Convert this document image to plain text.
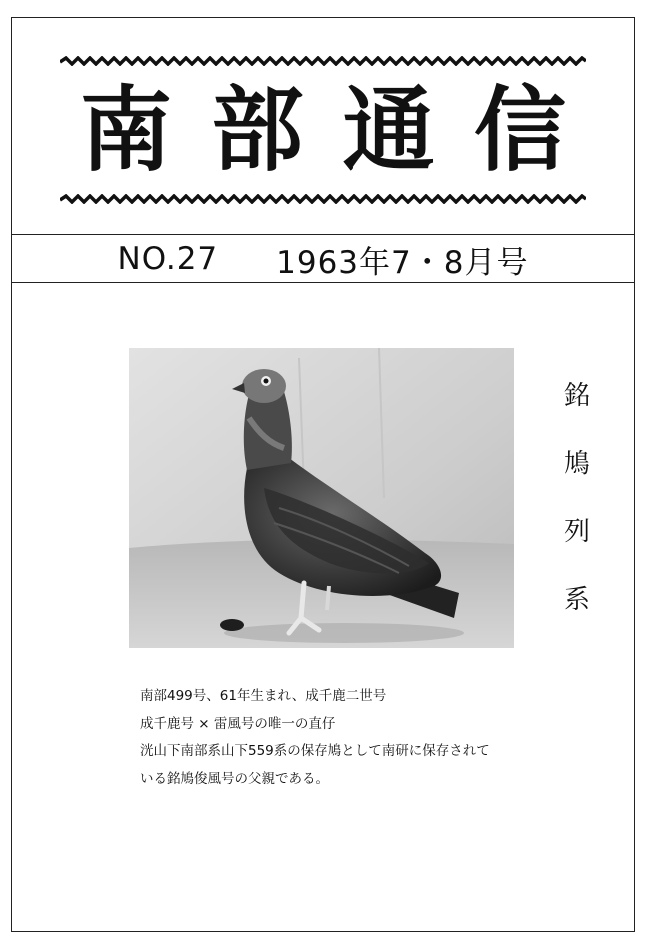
南 部 通 信
NO.27 1963年7・8月号
銘
鳩
列
系
南部499号、61年生まれ、成千鹿二世号
成千鹿号 × 雷風号の唯一の直仔
洸山下南部系山下559系の保存鳩として南研に保存されて
いる銘鳩俊風号の父親である。
